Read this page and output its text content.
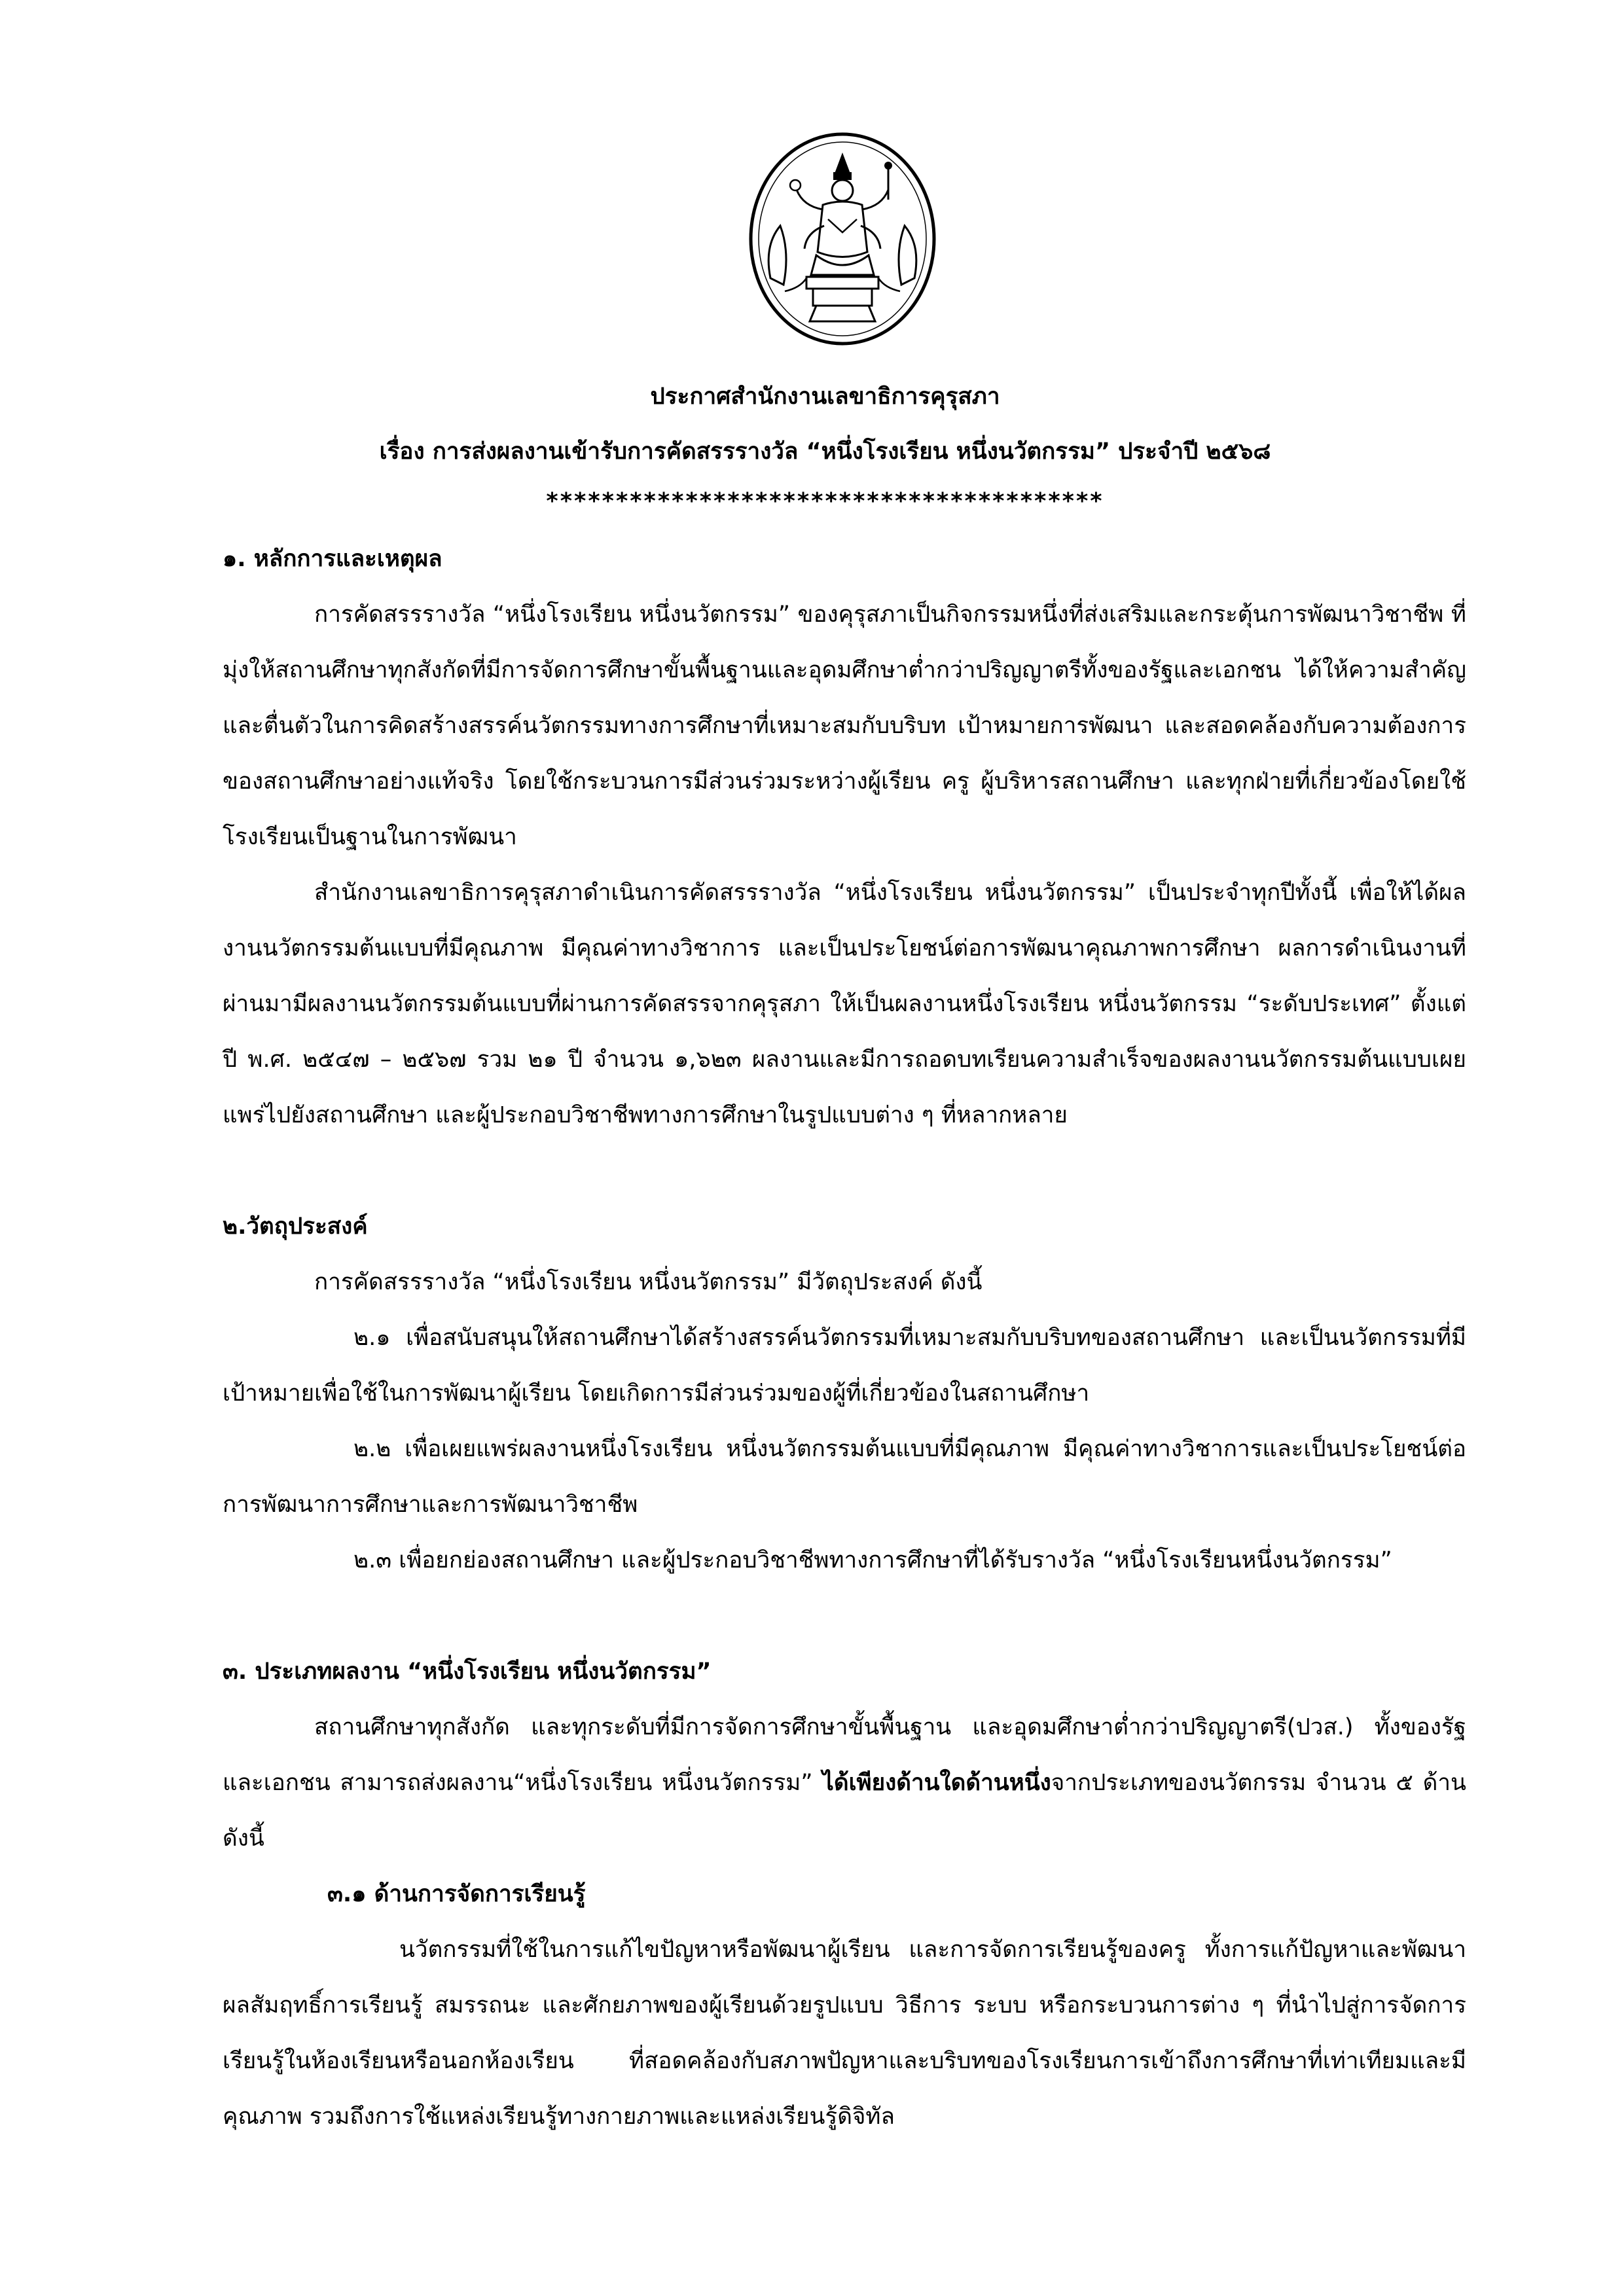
ประกาศสำนักงานเลขาธิการคุรุสภา
เรื่อง การส่งผลงานเข้ารับการคัดสรรรางวัล “หนึ่งโรงเรียน หนึ่งนวัตกรรม” ประจำปี ๒๕๖๘
****************************************

๑. หลักการและเหตุผล

การคัดสรรรางวัล “หนึ่งโรงเรียน หนึ่งนวัตกรรม” ของคุรุสภาเป็นกิจกรรมหนึ่งที่ส่งเสริมและกระตุ้นการพัฒนาวิชาชีพ ที่มุ่งให้สถานศึกษาทุกสังกัดที่มีการจัดการศึกษาขั้นพื้นฐานและอุดมศึกษาต่ำกว่าปริญญาตรีทั้งของรัฐและเอกชน ได้ให้ความสำคัญ และตื่นตัวในการคิดสร้างสรรค์นวัตกรรมทางการศึกษาที่เหมาะสมกับบริบท เป้าหมายการพัฒนา และสอดคล้องกับความต้องการของสถานศึกษาอย่างแท้จริง โดยใช้กระบวนการมีส่วนร่วมระหว่างผู้เรียน ครู ผู้บริหารสถานศึกษา และทุกฝ่ายที่เกี่ยวข้องโดยใช้โรงเรียนเป็นฐานในการพัฒนา

สำนักงานเลขาธิการคุรุสภาดำเนินการคัดสรรรางวัล “หนึ่งโรงเรียน หนึ่งนวัตกรรม” เป็นประจำทุกปีทั้งนี้ เพื่อให้ได้ผลงานนวัตกรรมต้นแบบที่มีคุณภาพ มีคุณค่าทางวิชาการ และเป็นประโยชน์ต่อการพัฒนาคุณภาพการศึกษา ผลการดำเนินงานที่ผ่านมามีผลงานนวัตกรรมต้นแบบที่ผ่านการคัดสรรจากคุรุสภา ให้เป็นผลงานหนึ่งโรงเรียน หนึ่งนวัตกรรม “ระดับประเทศ” ตั้งแต่ปี พ.ศ. ๒๕๔๗ – ๒๕๖๗ รวม ๒๑ ปี จำนวน ๑,๖๒๓ ผลงานและมีการถอดบทเรียนความสำเร็จของผลงานนวัตกรรมต้นแบบเผยแพร่ไปยังสถานศึกษา และผู้ประกอบวิชาชีพทางการศึกษาในรูปแบบต่าง ๆ ที่หลากหลาย

๒.วัตถุประสงค์

การคัดสรรรางวัล “หนึ่งโรงเรียน หนึ่งนวัตกรรม” มีวัตถุประสงค์ ดังนี้

๒.๑ เพื่อสนับสนุนให้สถานศึกษาได้สร้างสรรค์นวัตกรรมที่เหมาะสมกับบริบทของสถานศึกษา และเป็นนวัตกรรมที่มีเป้าหมายเพื่อใช้ในการพัฒนาผู้เรียน โดยเกิดการมีส่วนร่วมของผู้ที่เกี่ยวข้องในสถานศึกษา

๒.๒ เพื่อเผยแพร่ผลงานหนึ่งโรงเรียน หนึ่งนวัตกรรมต้นแบบที่มีคุณภาพ มีคุณค่าทางวิชาการและเป็นประโยชน์ต่อการพัฒนาการศึกษาและการพัฒนาวิชาชีพ

๒.๓ เพื่อยกย่องสถานศึกษา และผู้ประกอบวิชาชีพทางการศึกษาที่ได้รับรางวัล “หนึ่งโรงเรียนหนึ่งนวัตกรรม”

๓. ประเภทผลงาน “หนึ่งโรงเรียน หนึ่งนวัตกรรม”

สถานศึกษาทุกสังกัด และทุกระดับที่มีการจัดการศึกษาขั้นพื้นฐาน และอุดมศึกษาต่ำกว่าปริญญาตรี(ปวส.) ทั้งของรัฐ และเอกชน สามารถส่งผลงาน“หนึ่งโรงเรียน หนึ่งนวัตกรรม” ได้เพียงด้านใดด้านหนึ่งจากประเภทของนวัตกรรม จำนวน ๕ ด้าน ดังนี้

๓.๑ ด้านการจัดการเรียนรู้

นวัตกรรมที่ใช้ในการแก้ไขปัญหาหรือพัฒนาผู้เรียน และการจัดการเรียนรู้ของครู ทั้งการแก้ปัญหาและพัฒนาผลสัมฤทธิ์การเรียนรู้ สมรรถนะ และศักยภาพของผู้เรียนด้วยรูปแบบ วิธีการ ระบบ หรือกระบวนการต่าง ๆ ที่นำไปสู่การจัดการเรียนรู้ในห้องเรียนหรือนอกห้องเรียน ที่สอดคล้องกับสภาพปัญหาและบริบทของโรงเรียนการเข้าถึงการศึกษาที่เท่าเทียมและมีคุณภาพ รวมถึงการใช้แหล่งเรียนรู้ทางกายภาพและแหล่งเรียนรู้ดิจิทัล
